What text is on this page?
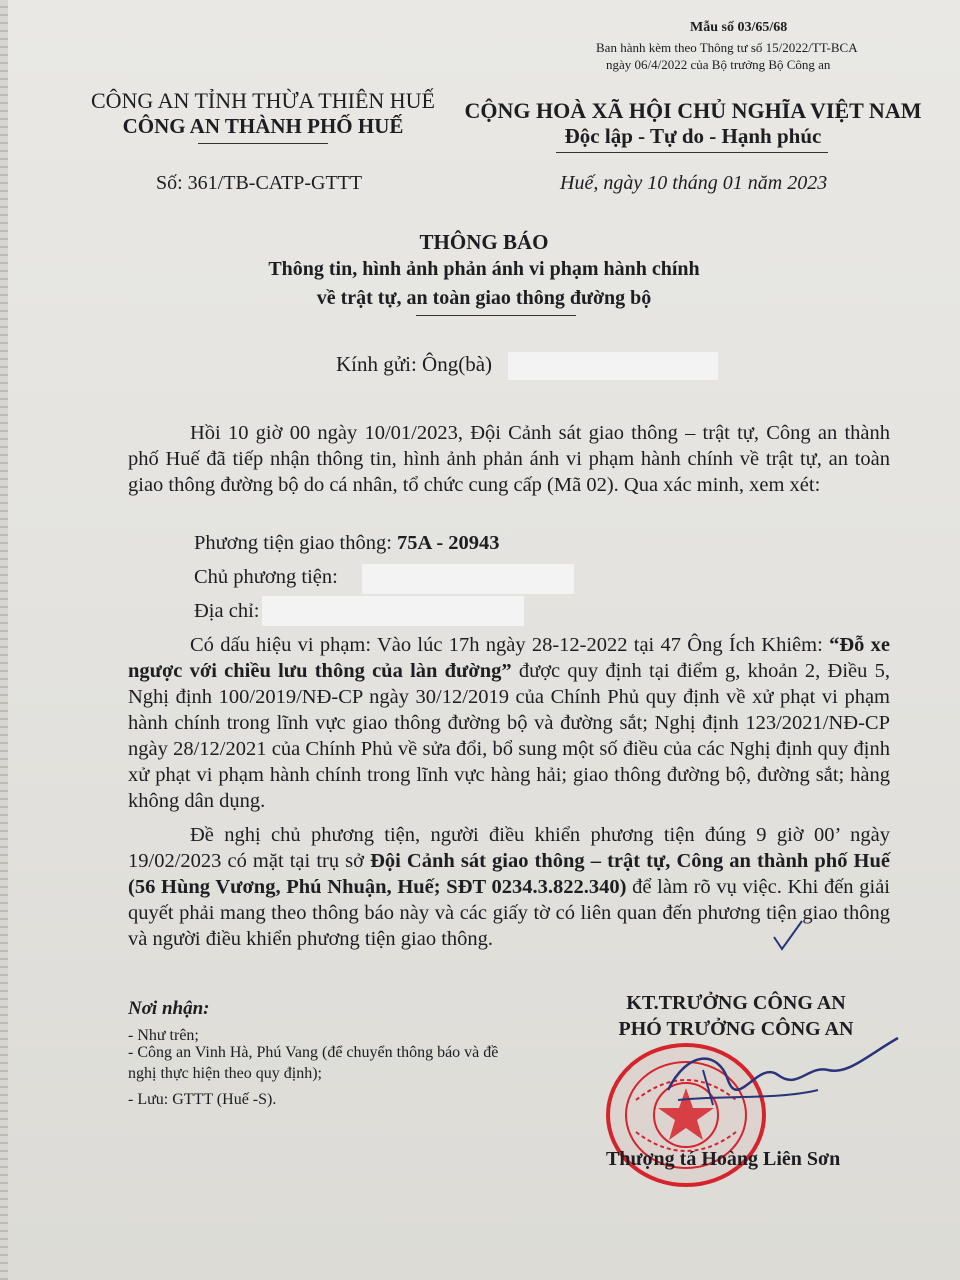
Mẫu số 03/65/68
Ban hành kèm theo Thông tư số 15/2022/TT-BCA
ngày 06/4/2022 của Bộ trưởng Bộ Công an
CÔNG AN TỈNH THỪA THIÊN HUẾ
CÔNG AN THÀNH PHỐ HUẾ
CỘNG HOÀ XÃ HỘI CHỦ NGHĨA VIỆT NAM
Độc lập - Tự do - Hạnh phúc
Số: 361/TB-CATP-GTTT	Huế, ngày 10 tháng 01 năm 2023
THÔNG BÁO
Thông tin, hình ảnh phản ánh vi phạm hành chính
về trật tự, an toàn giao thông đường bộ
Kính gửi: Ông(bà)
Hồi 10 giờ 00 ngày 10/01/2023, Đội Cảnh sát giao thông – trật tự, Công an thành phố Huế đã tiếp nhận thông tin, hình ảnh phản ánh vi phạm hành chính về trật tự, an toàn giao thông đường bộ do cá nhân, tổ chức cung cấp (Mã 02). Qua xác minh, xem xét:
Phương tiện giao thông: 75A - 20943
Chủ phương tiện:
Địa chỉ:
Có dấu hiệu vi phạm: Vào lúc 17h ngày 28-12-2022 tại 47 Ông Ích Khiêm: “Đỗ xe ngược với chiều lưu thông của làn đường” được quy định tại điểm g, khoản 2, Điều 5, Nghị định 100/2019/NĐ-CP ngày 30/12/2019 của Chính Phủ quy định về xử phạt vi phạm hành chính trong lĩnh vực giao thông đường bộ và đường sắt; Nghị định 123/2021/NĐ-CP ngày 28/12/2021 của Chính Phủ về sửa đổi, bổ sung một số điều của các Nghị định quy định xử phạt vi phạm hành chính trong lĩnh vực hàng hải; giao thông đường bộ, đường sắt; hàng không dân dụng.
Đề nghị chủ phương tiện, người điều khiển phương tiện đúng 9 giờ 00’ ngày 19/02/2023 có mặt tại trụ sở Đội Cảnh sát giao thông – trật tự, Công an thành phố Huế (56 Hùng Vương, Phú Nhuận, Huế; SĐT 0234.3.822.340) để làm rõ vụ việc. Khi đến giải quyết phải mang theo thông báo này và các giấy tờ có liên quan đến phương tiện giao thông và người điều khiển phương tiện giao thông.
Nơi nhận:
- Như trên;
- Công an Vinh Hà, Phú Vang (để chuyển thông báo và đề nghị thực hiện theo quy định);
- Lưu: GTTT (Huế -S).
KT.TRƯỞNG CÔNG AN
PHÓ TRƯỞNG CÔNG AN
Thượng tá Hoàng Liên Sơn
